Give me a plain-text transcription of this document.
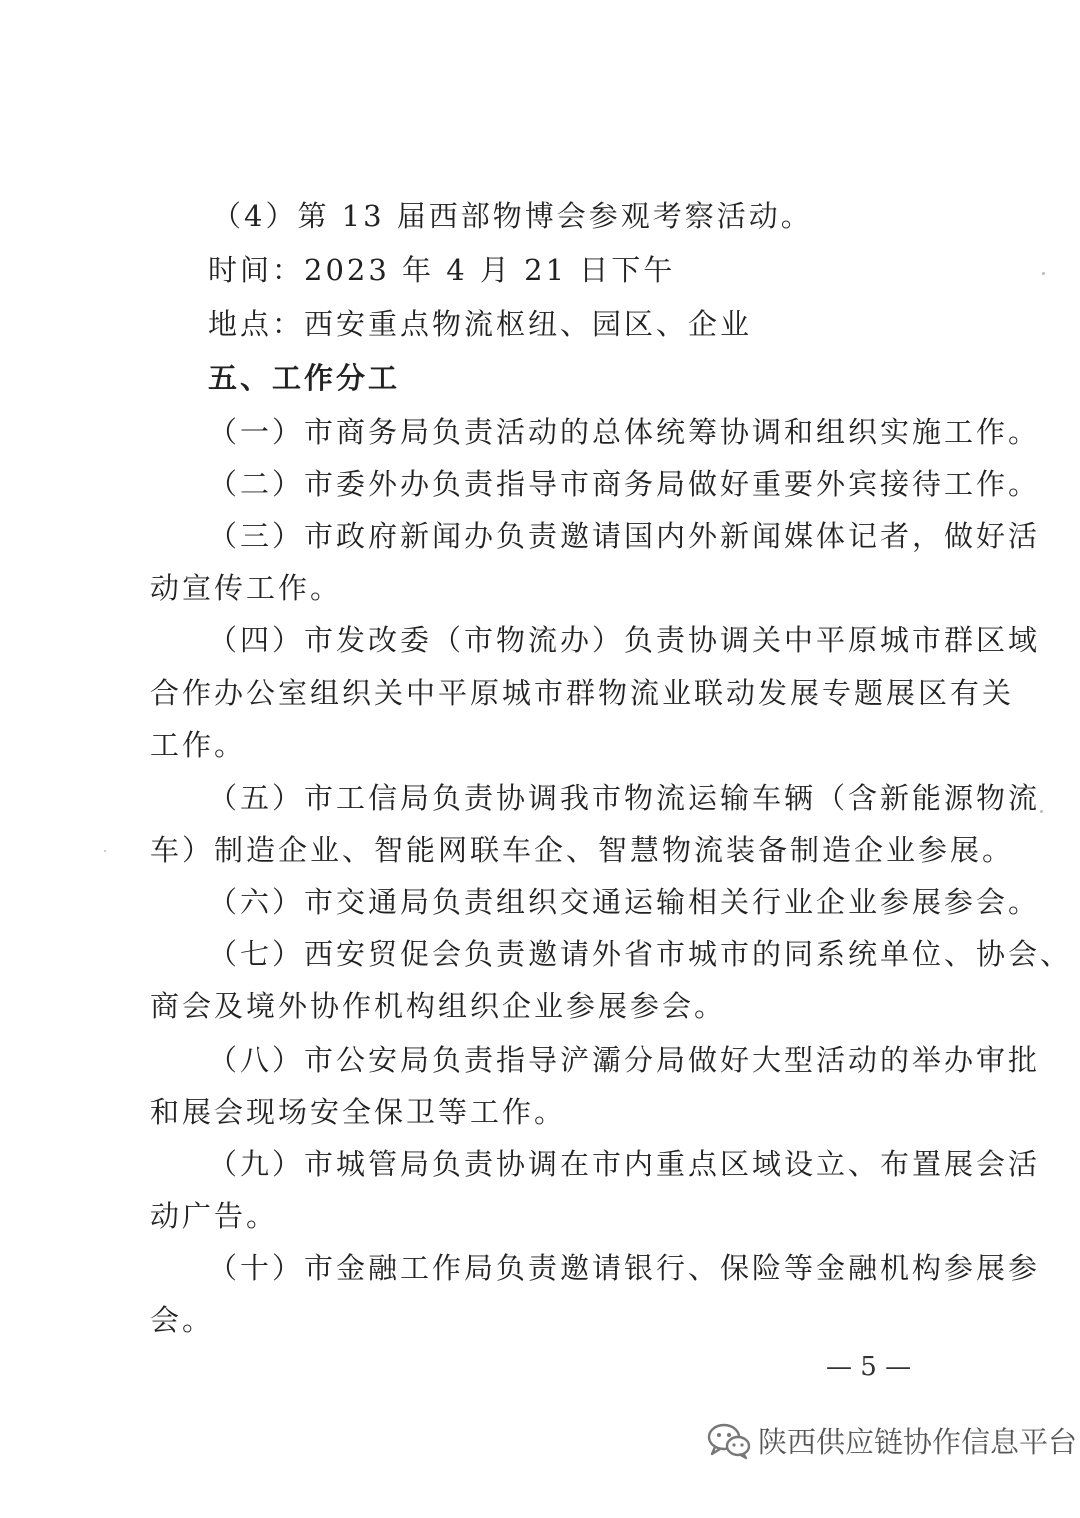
（4）第 13 届西部物博会参观考察活动。
时间：2023 年 4 月 21 日下午
地点：西安重点物流枢纽、园区、企业
五、工作分工
（一）市商务局负责活动的总体统筹协调和组织实施工作。
（二）市委外办负责指导市商务局做好重要外宾接待工作。
（三）市政府新闻办负责邀请国内外新闻媒体记者，做好活
动宣传工作。
（四）市发改委（市物流办）负责协调关中平原城市群区域
合作办公室组织关中平原城市群物流业联动发展专题展区有关
工作。
（五）市工信局负责协调我市物流运输车辆（含新能源物流
车）制造企业、智能网联车企、智慧物流装备制造企业参展。
（六）市交通局负责组织交通运输相关行业企业参展参会。
（七）西安贸促会负责邀请外省市城市的同系统单位、协会、
商会及境外协作机构组织企业参展参会。
（八）市公安局负责指导浐灞分局做好大型活动的举办审批
和展会现场安全保卫等工作。
（九）市城管局负责协调在市内重点区域设立、布置展会活
动广告。
（十）市金融工作局负责邀请银行、保险等金融机构参展参
会。
— 5 —
陕西供应链协作信息平台
